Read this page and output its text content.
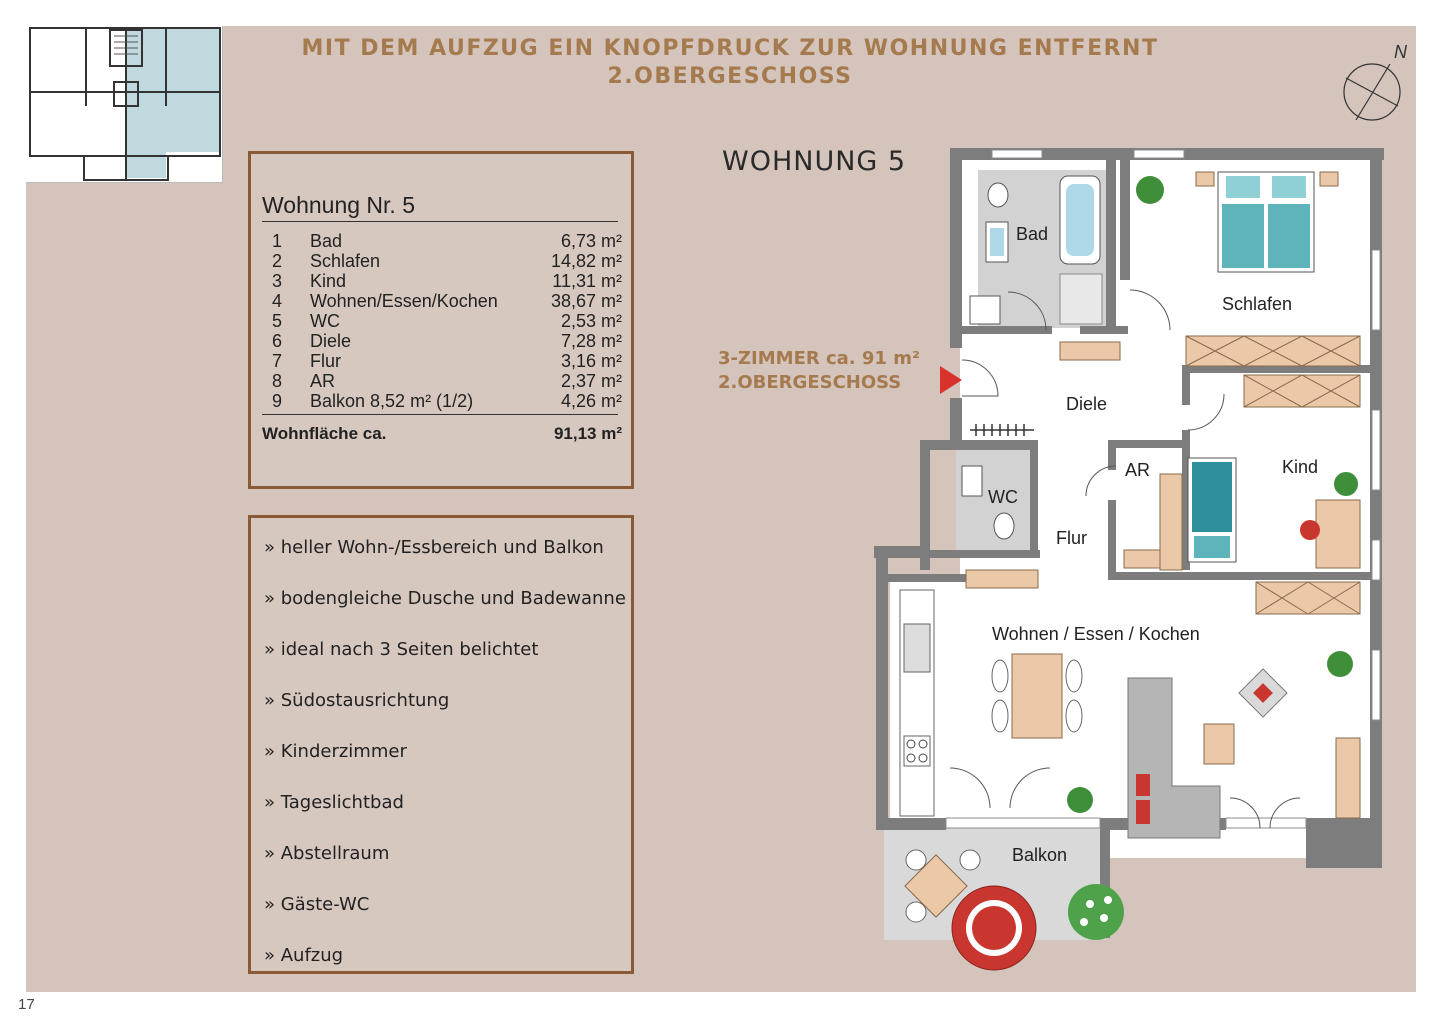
MIT DEM AUFZUG EIN KNOPFDRUCK ZUR WOHNUNG ENTFERNT
2.OBERGESCHOSS
N
Wohnung Nr. 5
1 Bad	6,73 m²
2 Schlafen	14,82 m²
3 Kind	11,31 m²
4 Wohnen/Essen/Kochen	38,67 m²
5 WC	2,53 m²
6 Diele	7,28 m²
7 Flur	3,16 m²
8 AR	2,37 m²
9 Balkon 8,52 m² (1/2)	4,26 m²
Wohnfläche ca.	91,13 m²
» heller Wohn-/Essbereich und Balkon
» bodengleiche Dusche und Badewanne
» ideal nach 3 Seiten belichtet
» Südostausrichtung
» Kinderzimmer
» Tageslichtbad
» Abstellraum
» Gäste-WC
» Aufzug
WOHNUNG 5
3-ZIMMER ca. 91 m²
2.OBERGESCHOSS
Bad
Schlafen
Diele
AR	Kind
WC
Flur
Wohnen / Essen / Kochen
Balkon
17
